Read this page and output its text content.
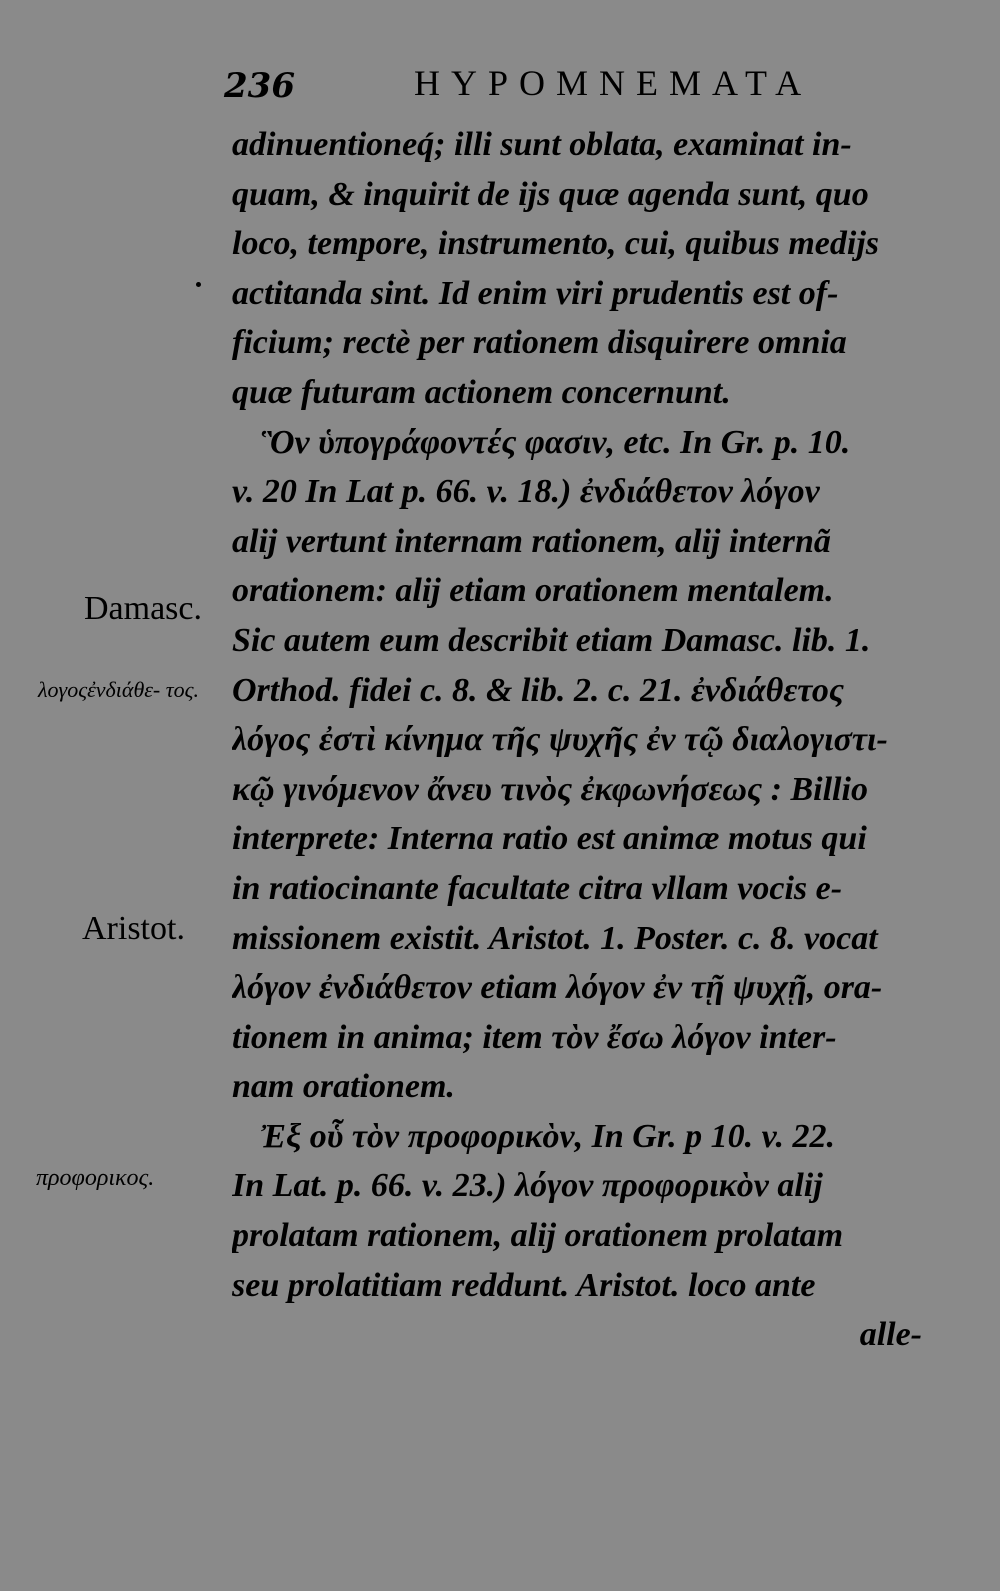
236	HYPOMNEMATA
Damasc.
λογοςἐνδιάθε- τος.
Aristot.
προφορικος.
adinuentioneq́; illi sunt oblata, examinat in-
quam, & inquirit de ijs quæ agenda sunt, quo
loco, tempore, instrumento, cui, quibus medijs
actitanda sint. Id enim viri prudentis est of-
ficium; rectè per rationem disquirere omnia
quæ futuram actionem concernunt.
Ὃν ὑπογράφοντές φασιν, etc. In Gr. p. 10.
v. 20 In Lat p. 66. v. 18.) ἐνδιάθετον λόγον
alij vertunt internam rationem, alij internã
orationem: alij etiam orationem mentalem.
Sic autem eum describit etiam Damasc. lib. 1.
Orthod. fidei c. 8. & lib. 2. c. 21. ἐνδιάθετος
λόγος ἐστὶ κίνημα τῆς ψυχῆς ἐν τῷ διαλογιστι-
κῷ γινόμενον ἄνευ τινὸς ἐκφωνήσεως : Billio
interprete: Interna ratio est animæ motus qui
in ratiocinante facultate citra vllam vocis e-
missionem existit. Aristot. 1. Poster. c. 8. vocat
λόγον ἐνδιάθετον etiam λόγον ἐν τῇ ψυχῇ, ora-
tionem in anima; item τὸν ἔσω λόγον inter-
nam orationem.
Ἐξ οὗ τὸν προφορικὸν, In Gr. p 10. v. 22.
In Lat. p. 66. v. 23.) λόγον προφορικὸν alij
prolatam rationem, alij orationem prolatam
seu prolatitiam reddunt. Aristot. loco ante
alle-
